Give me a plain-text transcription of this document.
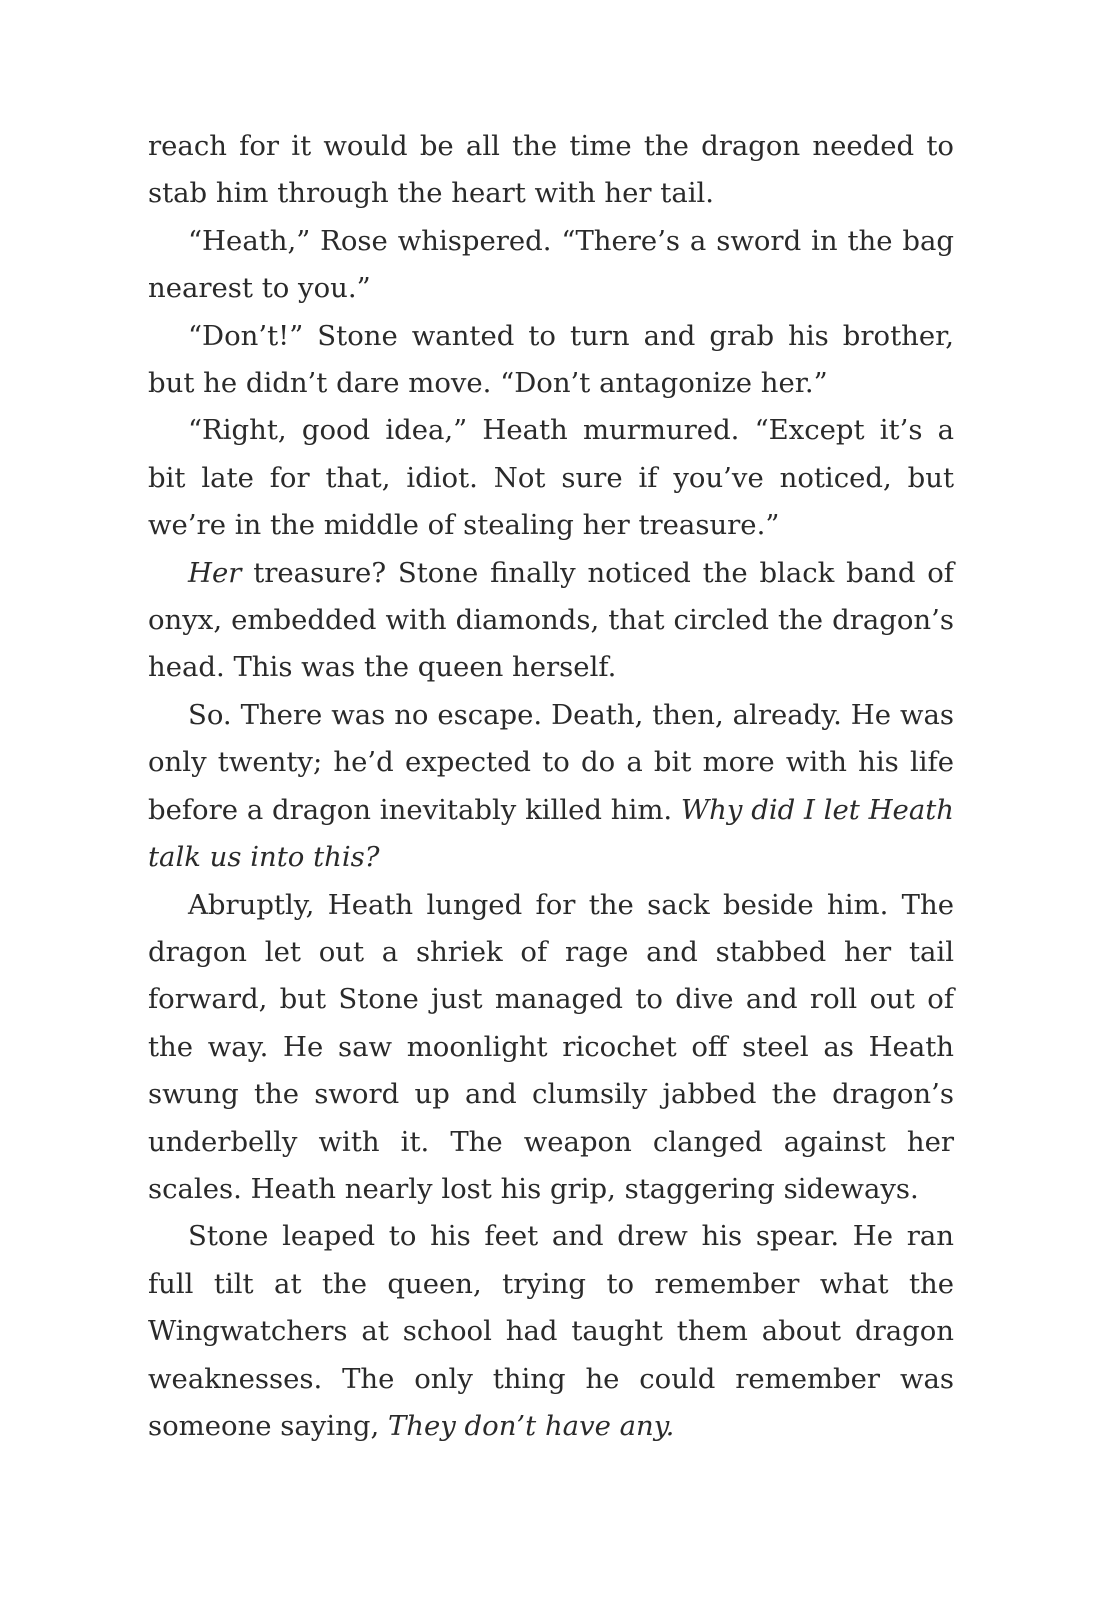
reach for it would be all the time the dragon needed to stab him through the heart with her tail.

“Heath,” Rose whispered. “There’s a sword in the bag nearest to you.”

“Don’t!” Stone wanted to turn and grab his brother, but he didn’t dare move. “Don’t antagonize her.”

“Right, good idea,” Heath murmured. “Except it’s a bit late for that, idiot. Not sure if you’ve noticed, but we’re in the middle of stealing her treasure.”

Her treasure? Stone finally noticed the black band of onyx, embedded with diamonds, that circled the dragon’s head. This was the queen herself.

So. There was no escape. Death, then, already. He was only twenty; he’d expected to do a bit more with his life before a dragon inevitably killed him. Why did I let Heath talk us into this?

Abruptly, Heath lunged for the sack beside him. The dragon let out a shriek of rage and stabbed her tail forward, but Stone just managed to dive and roll out of the way. He saw moonlight ricochet off steel as Heath swung the sword up and clumsily jabbed the dragon’s underbelly with it. The weapon clanged against her scales. Heath nearly lost his grip, staggering sideways.

Stone leaped to his feet and drew his spear. He ran full tilt at the queen, trying to remember what the Wingwatchers at school had taught them about dragon weaknesses. The only thing he could remember was someone saying, They don’t have any.
